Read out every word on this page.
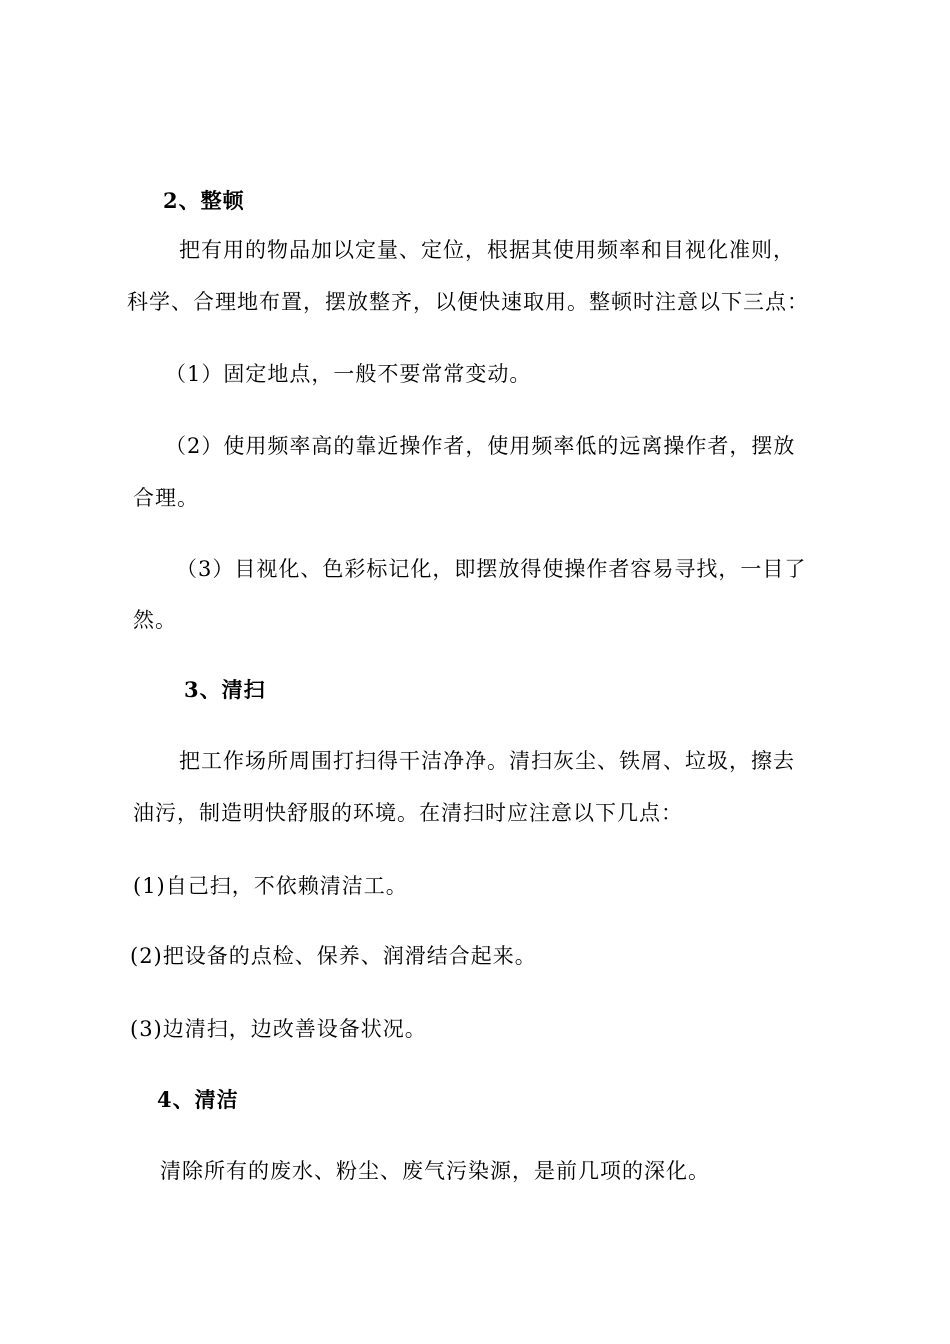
2、整顿
把有用的物品加以定量、定位，根据其使用频率和目视化准则，
科学、合理地布置，摆放整齐，以便快速取用。整顿时注意以下三点：
（1）固定地点，一般不要常常变动。
（2）使用频率高的靠近操作者，使用频率低的远离操作者，摆放
合理。
（3）目视化、色彩标记化，即摆放得使操作者容易寻找，一目了
然。
3、清扫
把工作场所周围打扫得干洁净净。清扫灰尘、铁屑、垃圾，擦去
油污，制造明快舒服的环境。在清扫时应注意以下几点：
(1)自己扫，不依赖清洁工。
(2)把设备的点检、保养、润滑结合起来。
(3)边清扫，边改善设备状况。
4、清洁
清除所有的废水、粉尘、废气污染源，是前几项的深化。
